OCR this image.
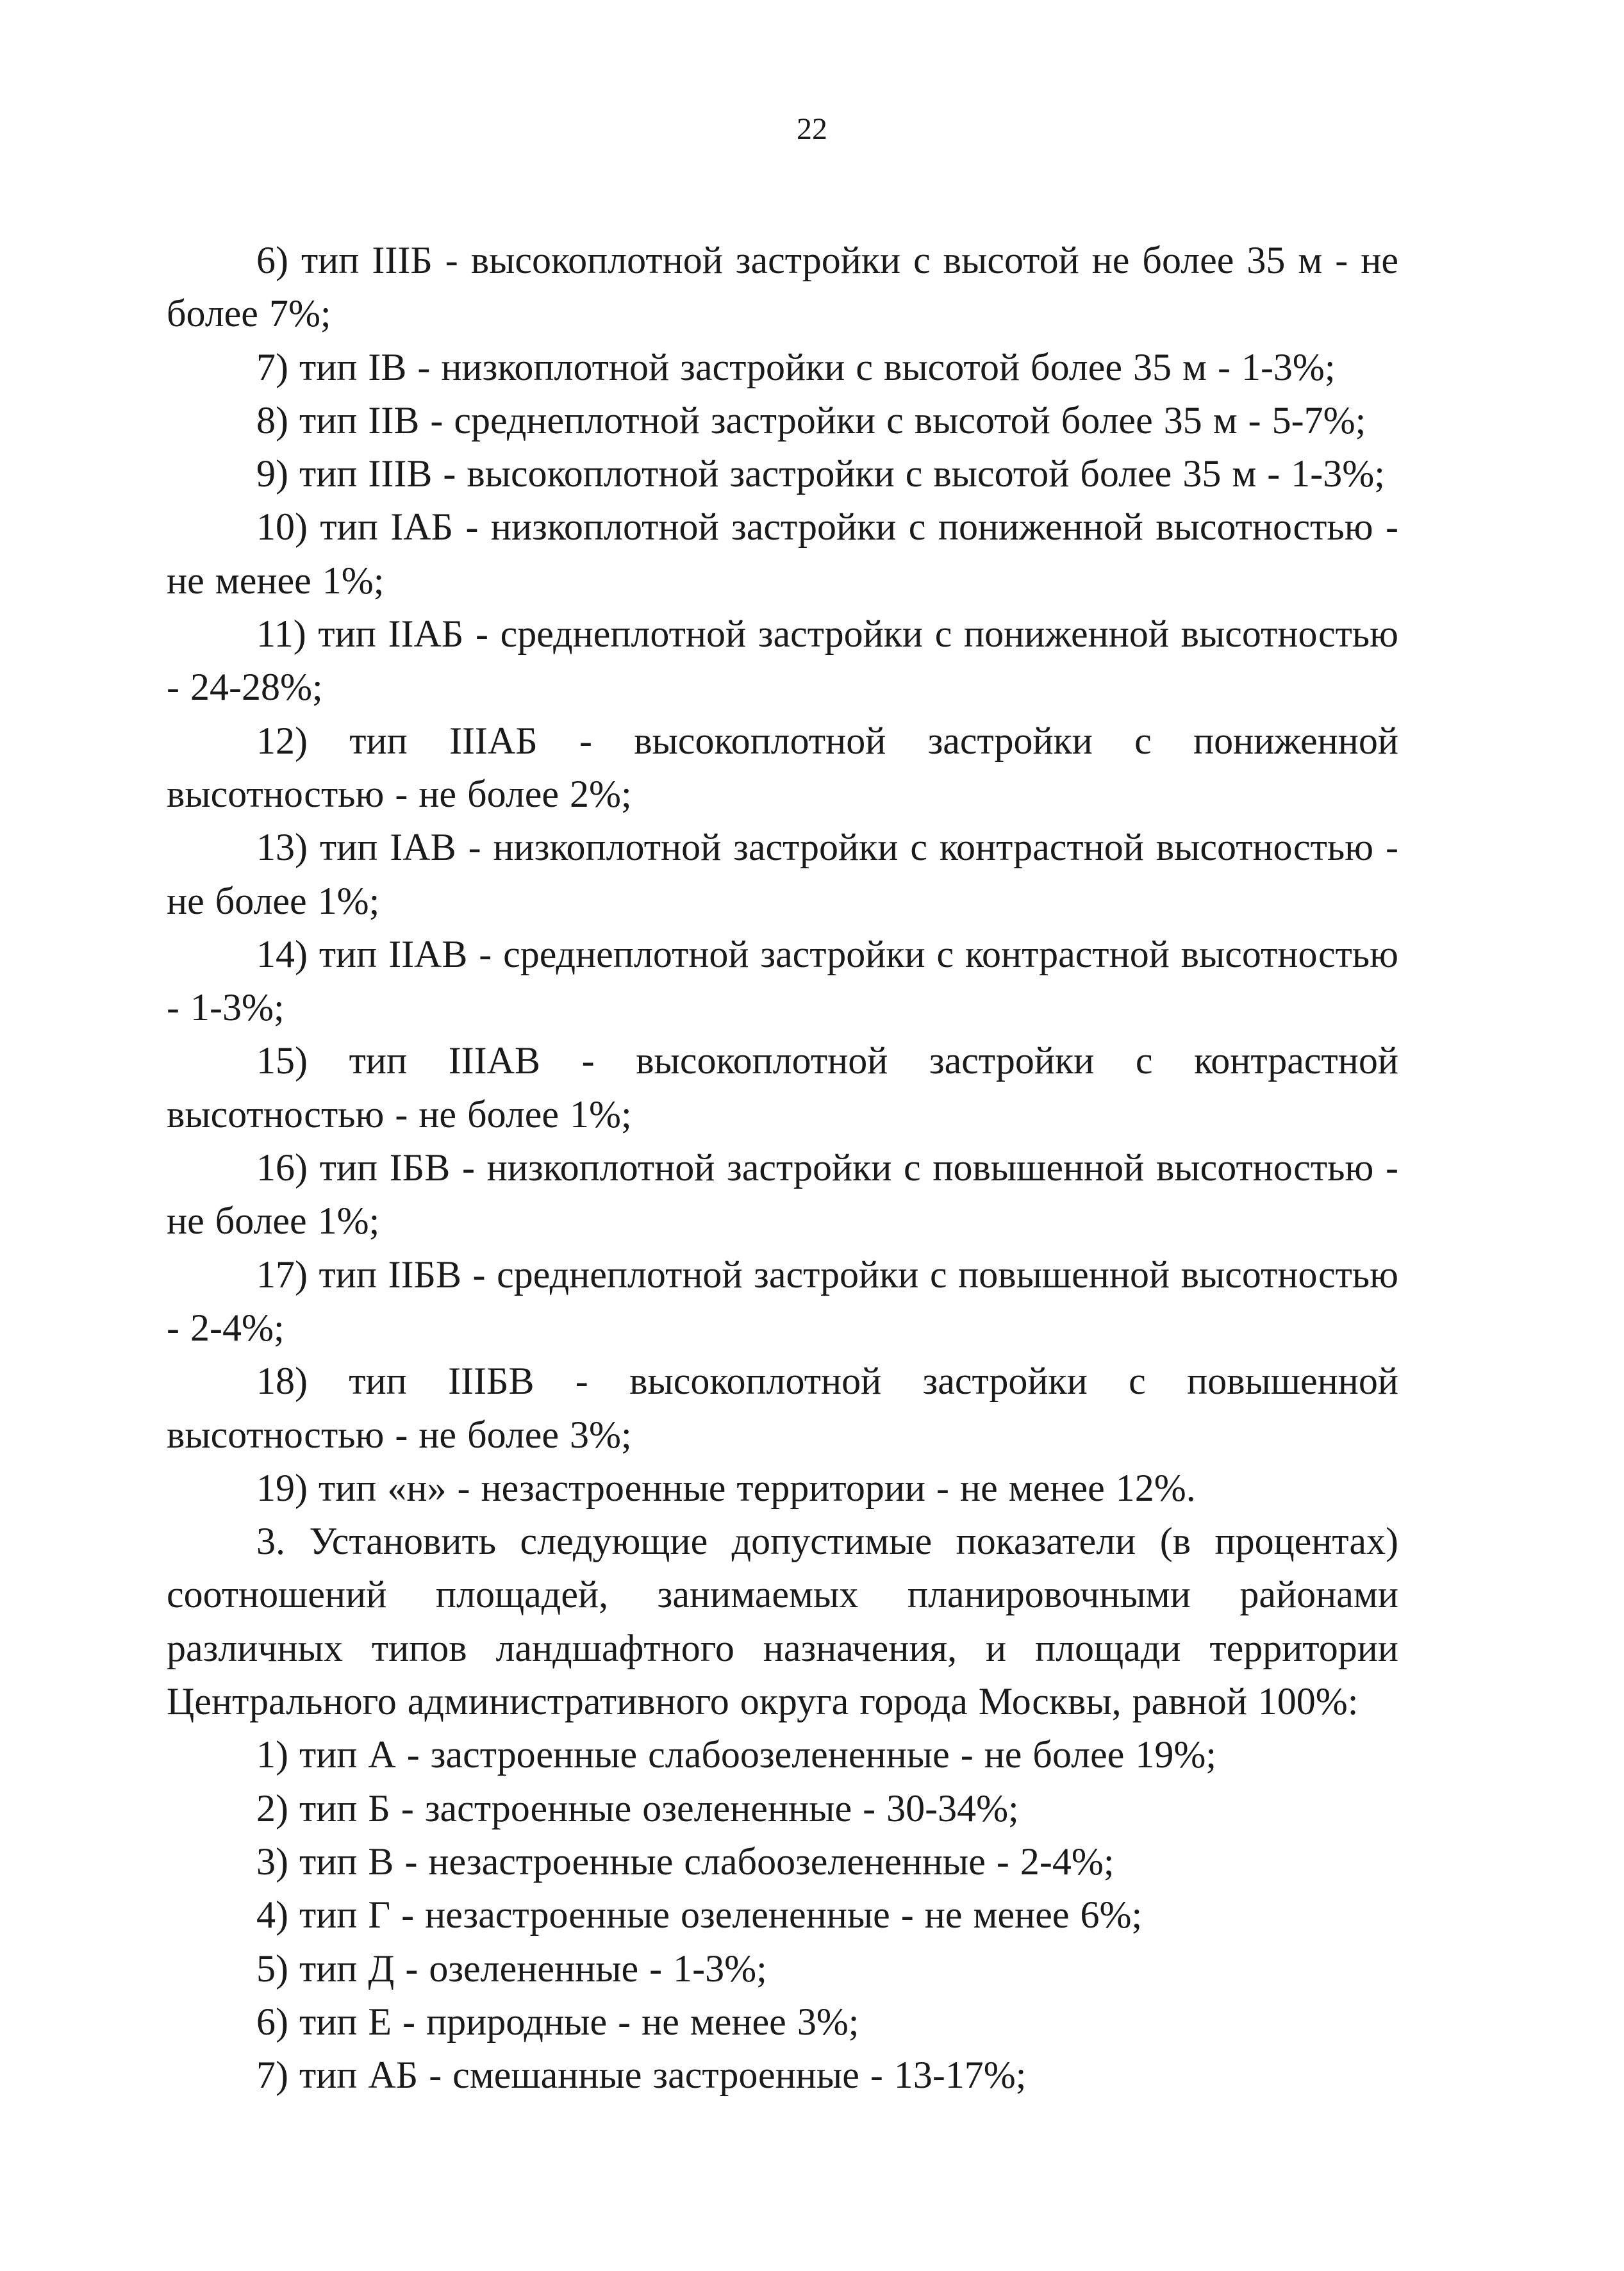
22

6) тип IIIБ - высокоплотной застройки с высотой не более 35 м - не более 7%;

7) тип IВ - низкоплотной застройки с высотой более 35 м - 1-3%;

8) тип IIВ - среднеплотной застройки с высотой более 35 м - 5-7%;

9) тип IIIВ - высокоплотной застройки с высотой более 35 м - 1-3%;

10) тип IАБ - низкоплотной застройки с пониженной высотностью - не менее 1%;

11) тип IIАБ - среднеплотной застройки с пониженной высотностью - 24-28%;

12) тип IIIАБ - высокоплотной застройки с пониженной высотностью - не более 2%;

13) тип IАВ - низкоплотной застройки с контрастной высотностью - не более 1%;

14) тип IIАВ - среднеплотной застройки с контрастной высотностью - 1-3%;

15) тип IIIАВ - высокоплотной застройки с контрастной высотностью - не более 1%;

16) тип IБВ - низкоплотной застройки с повышенной высотностью - не более 1%;

17) тип IIБВ - среднеплотной застройки с повышенной высотностью - 2-4%;

18) тип IIIБВ - высокоплотной застройки с повышенной высотностью - не более 3%;

19) тип «н» - незастроенные территории - не менее 12%.

3. Установить следующие допустимые показатели (в процентах) соотношений площадей, занимаемых планировочными районами различных типов ландшафтного назначения, и площади территории Центрального административного округа города Москвы, равной 100%:

1) тип А - застроенные слабоозелененные - не более 19%;

2) тип Б - застроенные озелененные - 30-34%;

3) тип В - незастроенные слабоозелененные - 2-4%;

4) тип Г - незастроенные озелененные - не менее 6%;

5) тип Д - озелененные - 1-3%;

6) тип Е - природные - не менее 3%;

7) тип АБ - смешанные застроенные - 13-17%;
